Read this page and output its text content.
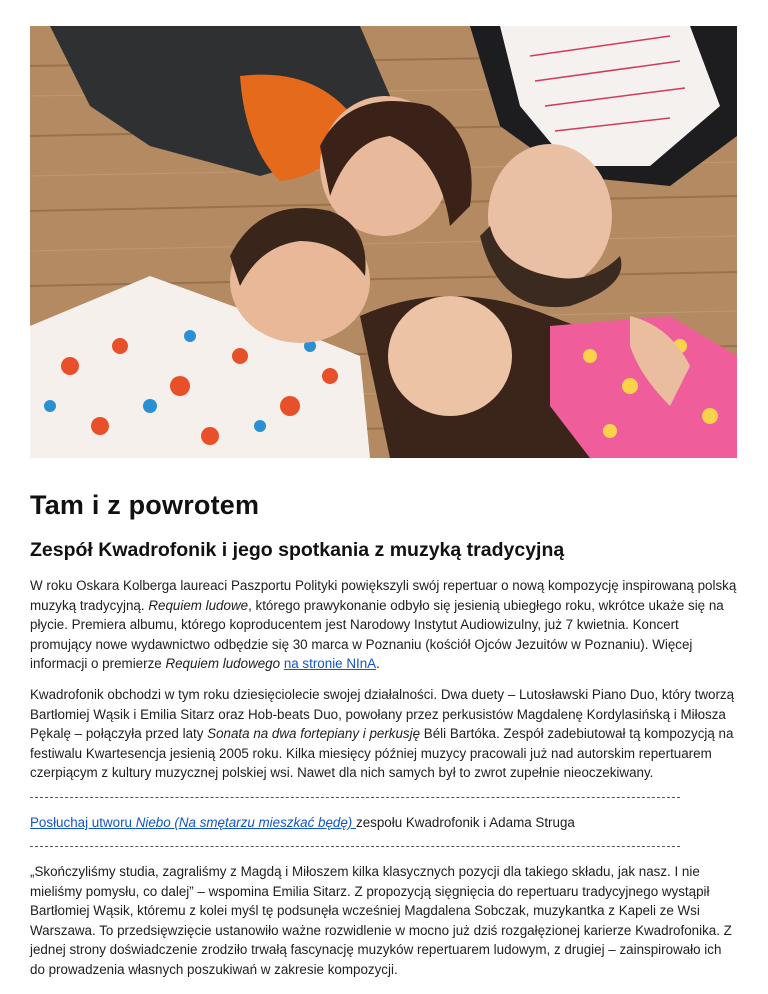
Tam i z powrotem
Zespół Kwadrofonik i jego spotkania z muzyką tradycyjną

W roku Oskara Kolberga laureaci Paszportu Polityki powiększyli swój repertuar o nową kompozycję inspirowaną polską muzyką tradycyjną. Requiem ludowe, którego prawykonanie odbyło się jesienią ubiegłego roku, wkrótce ukaże się na płycie. Premiera albumu, którego koproducentem jest Narodowy Instytut Audiowizulny, już 7 kwietnia. Koncert promujący nowe wydawnictwo odbędzie się 30 marca w Poznaniu (kościół Ojców Jezuitów w Poznaniu). Więcej informacji o premierze Requiem ludowego na stronie NInA.

Kwadrofonik obchodzi w tym roku dziesięciolecie swojej działalności. Dwa duety – Lutosławski Piano Duo, który tworzą Bartłomiej Wąsik i Emilia Sitarz oraz Hob-beats Duo, powołany przez perkusistów Magdalenę Kordylasińską i Miłosza Pękalę – połączyła przed laty Sonata na dwa fortepiany i perkusję Béli Bartóka. Zespół zadebiutował tą kompozycją na festiwalu Kwartesencja jesienią 2005 roku. Kilka miesięcy później muzycy pracowali już nad autorskim repertuarem czerpiącym z kultury muzycznej polskiej wsi. Nawet dla nich samych był to zwrot zupełnie nieoczekiwany.

Posłuchaj utworu Niebo (Na smętarzu mieszkać będę) zespołu Kwadrofonik i Adama Struga

„Skończyliśmy studia, zagraliśmy z Magdą i Miłoszem kilka klasycznych pozycji dla takiego składu, jak nasz. I nie mieliśmy pomysłu, co dalej” – wspomina Emilia Sitarz. Z propozycją sięgnięcia do repertuaru tradycyjnego wystąpił Bartłomiej Wąsik, któremu z kolei myśl tę podsunęła wcześniej Magdalena Sobczak, muzykantka z Kapeli ze Wsi Warszawa. To przedsięwzięcie ustanowiło ważne rozwidlenie w mocno już dziś rozgałęzionej karierze Kwadrofonika. Z jednej strony doświadczenie zrodziło trwałą fascynację muzyków repertuarem ludowym, z drugiej – zainspirowało ich do prowadzenia własnych poszukiwań w zakresie kompozycji.
